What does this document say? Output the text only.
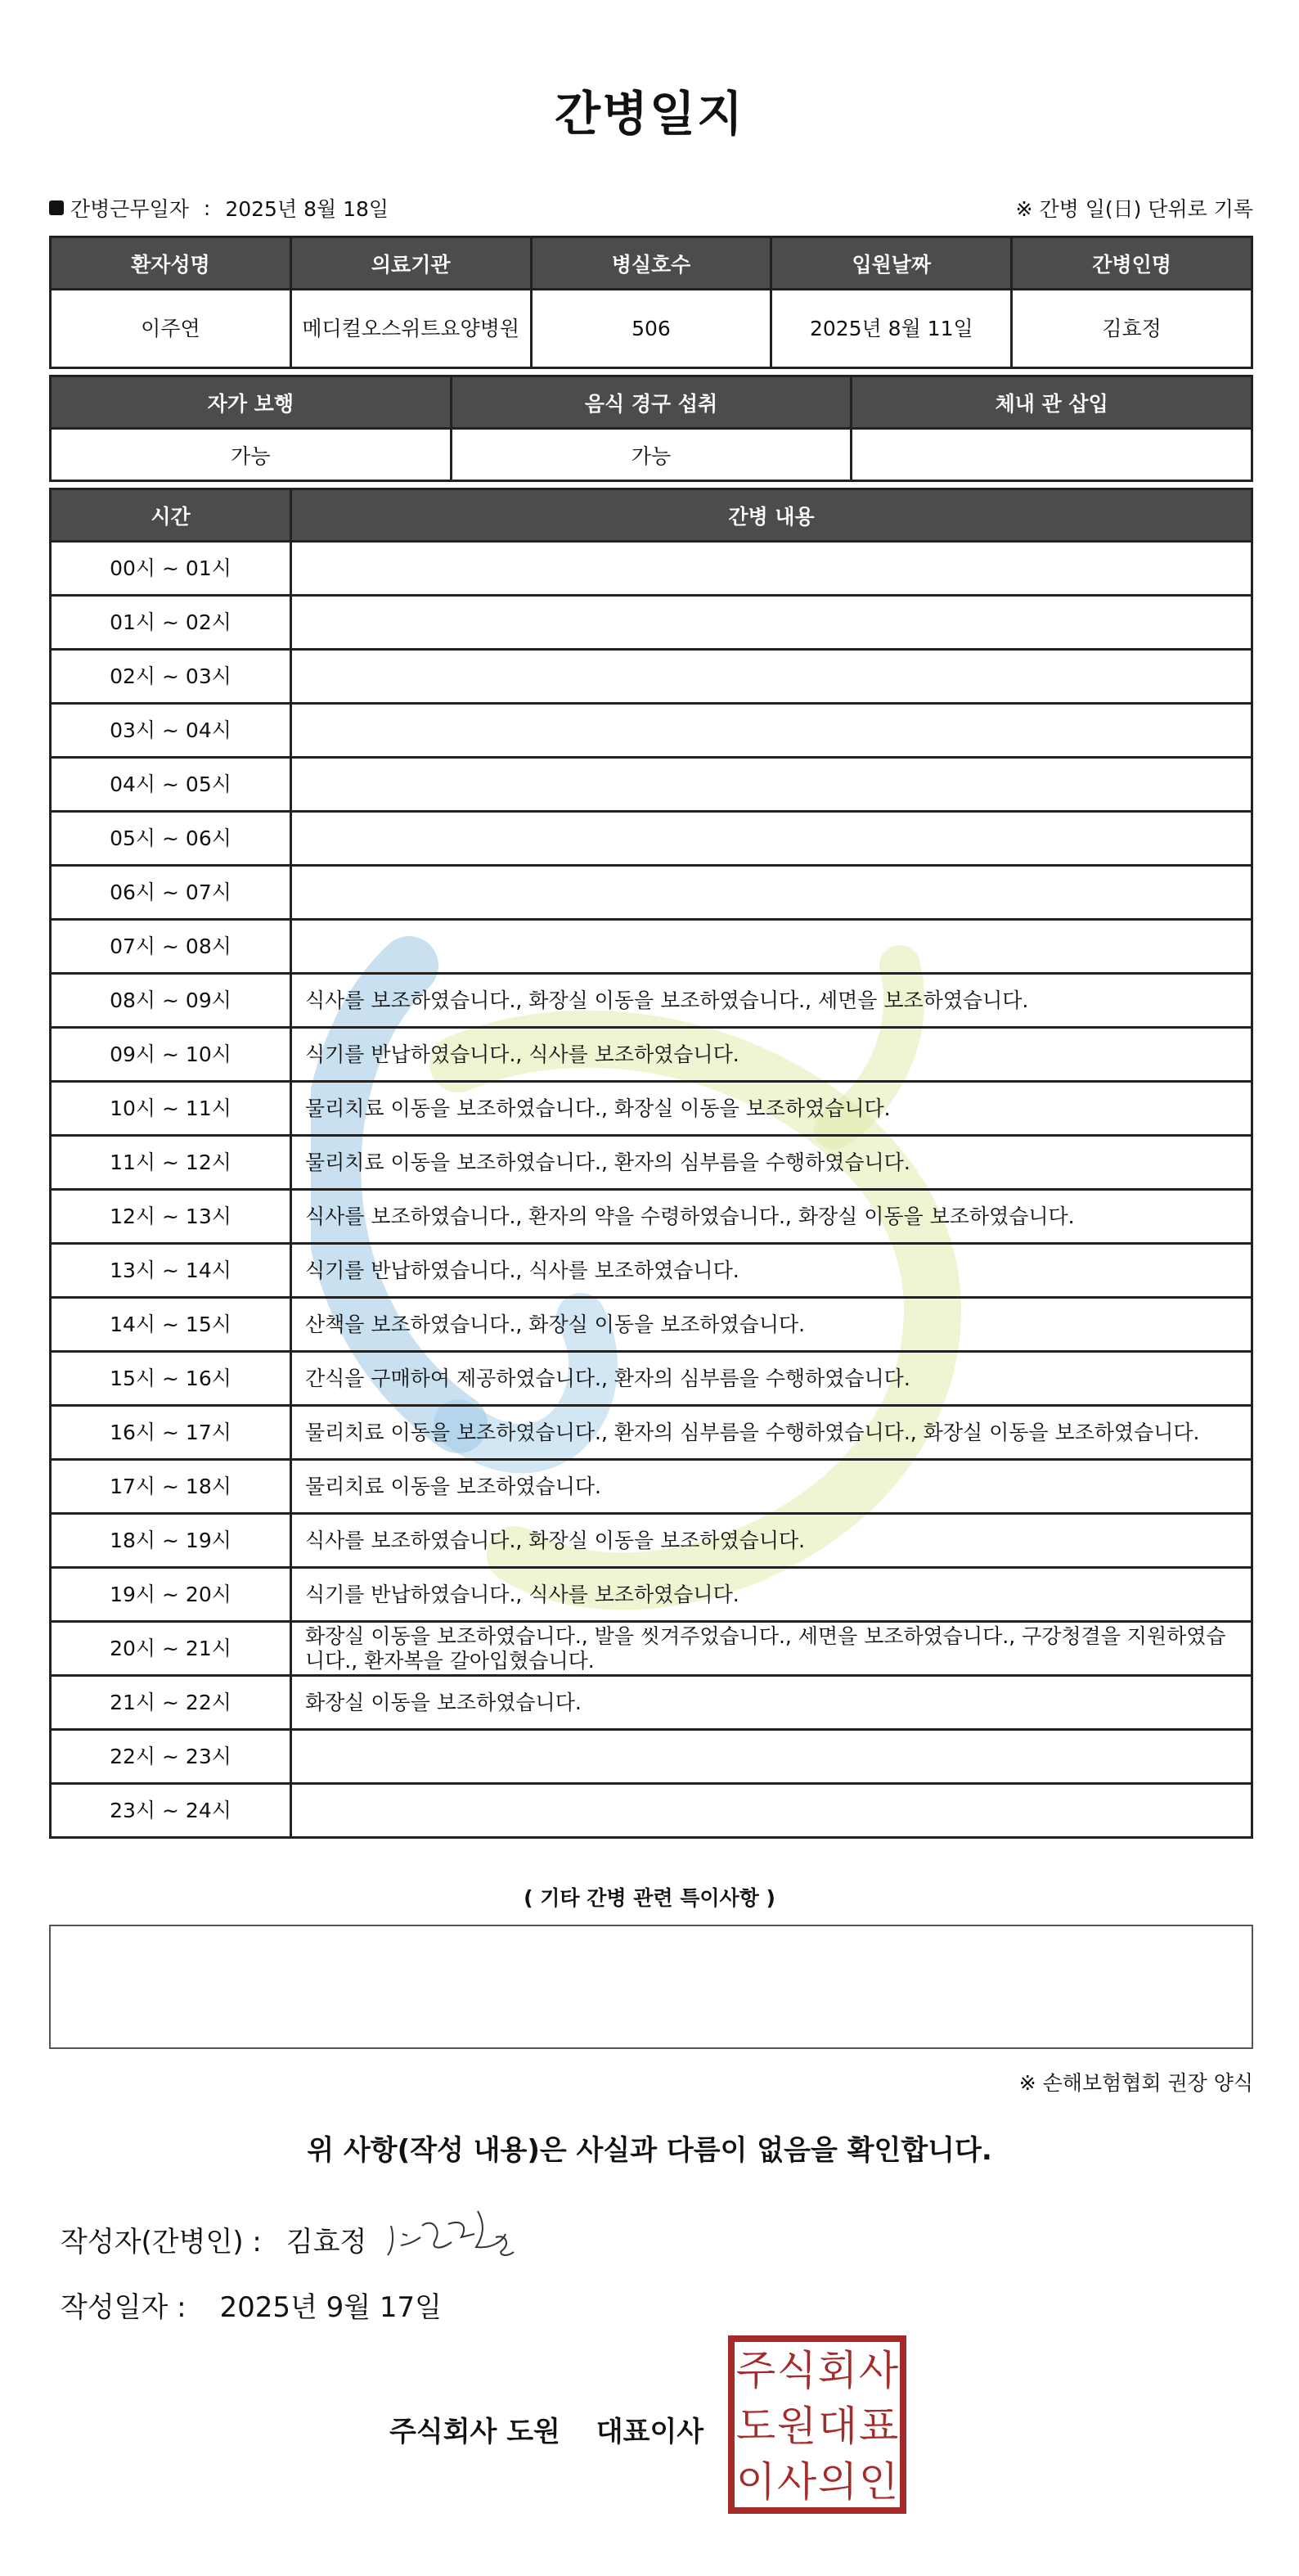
간병일지
간병근무일자 : 2025년 8월 18일	※ 간병 일(日) 단위로 기록
환자성명	의료기관	병실호수	입원날짜	간병인명
이주연	메디컬오스위트요양병원	506	2025년 8월 11일	김효정
자가 보행	음식 경구 섭취	체내 관 삽입
가능	가능	
시간	간병 내용
00시 ~ 01시	
01시 ~ 02시	
02시 ~ 03시	
03시 ~ 04시	
04시 ~ 05시	
05시 ~ 06시	
06시 ~ 07시	
07시 ~ 08시	
08시 ~ 09시	식사를 보조하였습니다., 화장실 이동을 보조하였습니다., 세면을 보조하였습니다.
09시 ~ 10시	식기를 반납하였습니다., 식사를 보조하였습니다.
10시 ~ 11시	물리치료 이동을 보조하였습니다., 화장실 이동을 보조하였습니다.
11시 ~ 12시	물리치료 이동을 보조하였습니다., 환자의 심부름을 수행하였습니다.
12시 ~ 13시	식사를 보조하였습니다., 환자의 약을 수령하였습니다., 화장실 이동을 보조하였습니다.
13시 ~ 14시	식기를 반납하였습니다., 식사를 보조하였습니다.
14시 ~ 15시	산책을 보조하였습니다., 화장실 이동을 보조하였습니다.
15시 ~ 16시	간식을 구매하여 제공하였습니다., 환자의 심부름을 수행하였습니다.
16시 ~ 17시	물리치료 이동을 보조하였습니다., 환자의 심부름을 수행하였습니다., 화장실 이동을 보조하였습니다.
17시 ~ 18시	물리치료 이동을 보조하였습니다.
18시 ~ 19시	식사를 보조하였습니다., 화장실 이동을 보조하였습니다.
19시 ~ 20시	식기를 반납하였습니다., 식사를 보조하였습니다.
20시 ~ 21시	화장실 이동을 보조하였습니다., 발을 씻겨주었습니다., 세면을 보조하였습니다., 구강청결을 지원하였습니다., 환자복을 갈아입혔습니다.
21시 ~ 22시	화장실 이동을 보조하였습니다.
22시 ~ 23시	
23시 ~ 24시	
( 기타 간병 관련 특이사항 )
※ 손해보험협회 권장 양식
위 사항(작성 내용)은 사실과 다름이 없음을 확인합니다.
작성자(간병인) : 김효정
작성일자 : 2025년 9월 17일
주식회사 도원 대표이사
주 식 회 사
도 원 대 표
이 사 의 인
